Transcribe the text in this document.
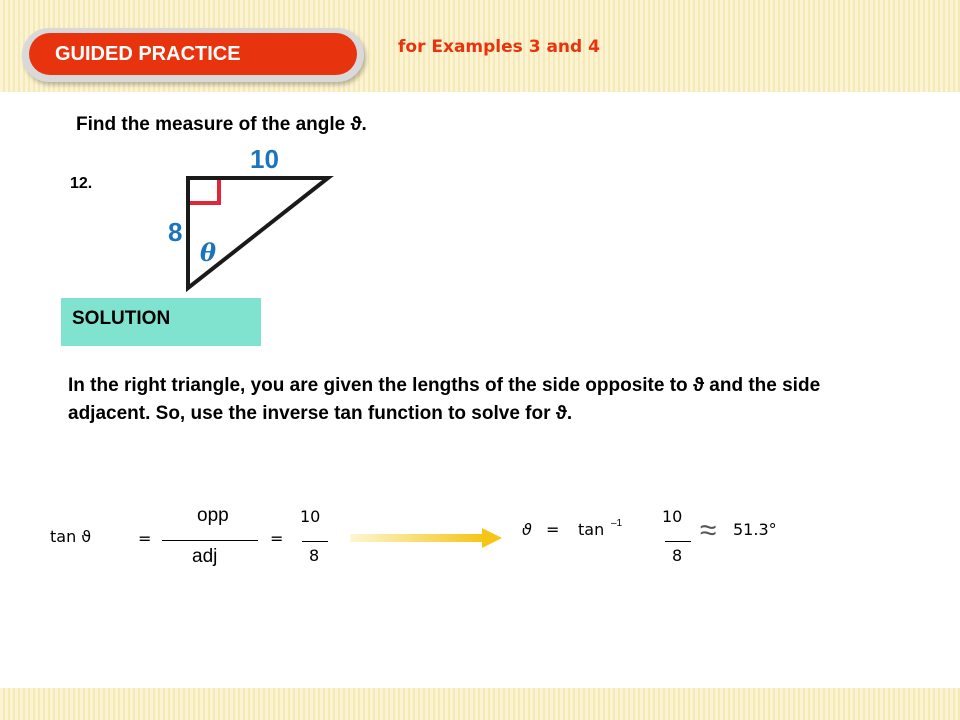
GUIDED PRACTICE	for Examples 3 and 4
Find the measure of the angle ϑ.
12.
10
8
θ
SOLUTION
In the right triangle, you are given the lengths of the side opposite to ϑ and the side adjacent. So, use the inverse tan function to solve for ϑ.
tan ϑ	=
opp
adj
=
10
8
ϑ = tan –1 10
8
≈ 51.3°
